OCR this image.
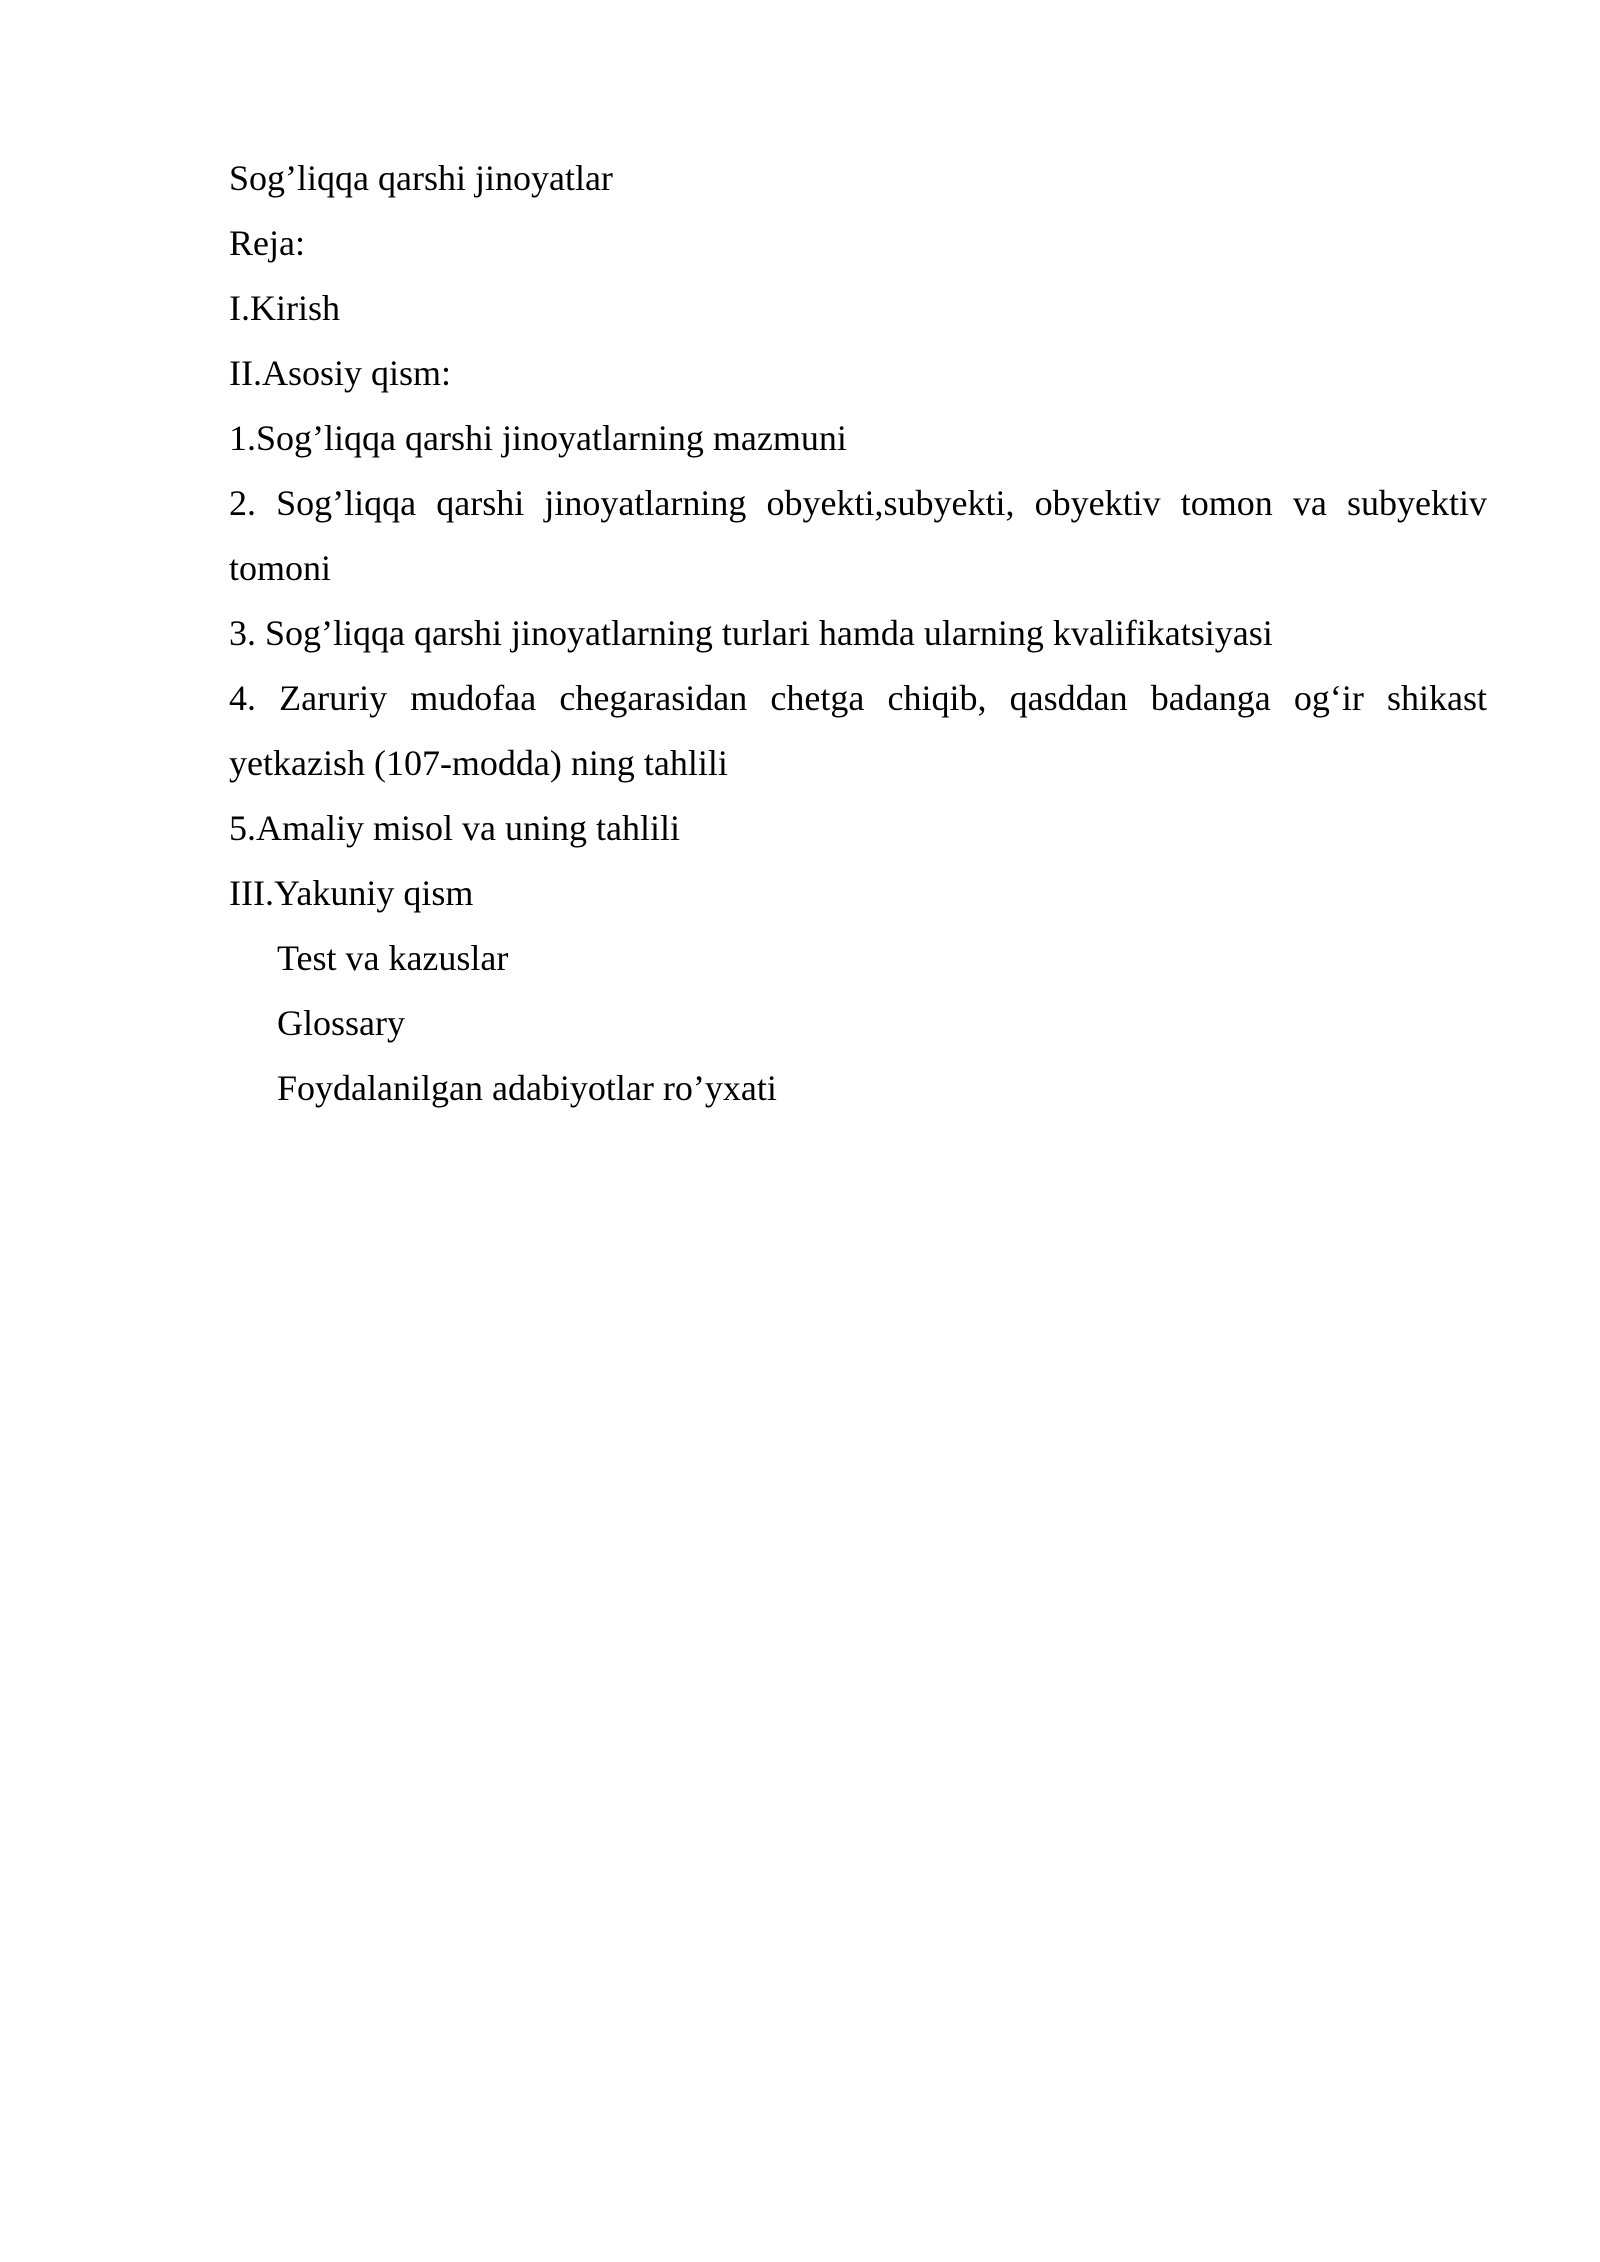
Sog’liqqa qarshi jinoyatlar

Reja:

I.Kirish

II.Asosiy qism:

1.Sog’liqqa qarshi jinoyatlarning mazmuni

2. Sog’liqqa qarshi jinoyatlarning obyekti,subyekti, obyektiv tomon va subyektiv tomoni

3. Sog’liqqa qarshi jinoyatlarning turlari hamda ularning kvalifikatsiyasi

4. Zaruriy mudofaa chegarasidan chetga chiqib, qasddan badanga og‘ir shikast yetkazish (107-modda) ning tahlili

5.Amaliy misol va uning tahlili

III.Yakuniy qism

Test va kazuslar

Glossary

Foydalanilgan adabiyotlar ro’yxati
